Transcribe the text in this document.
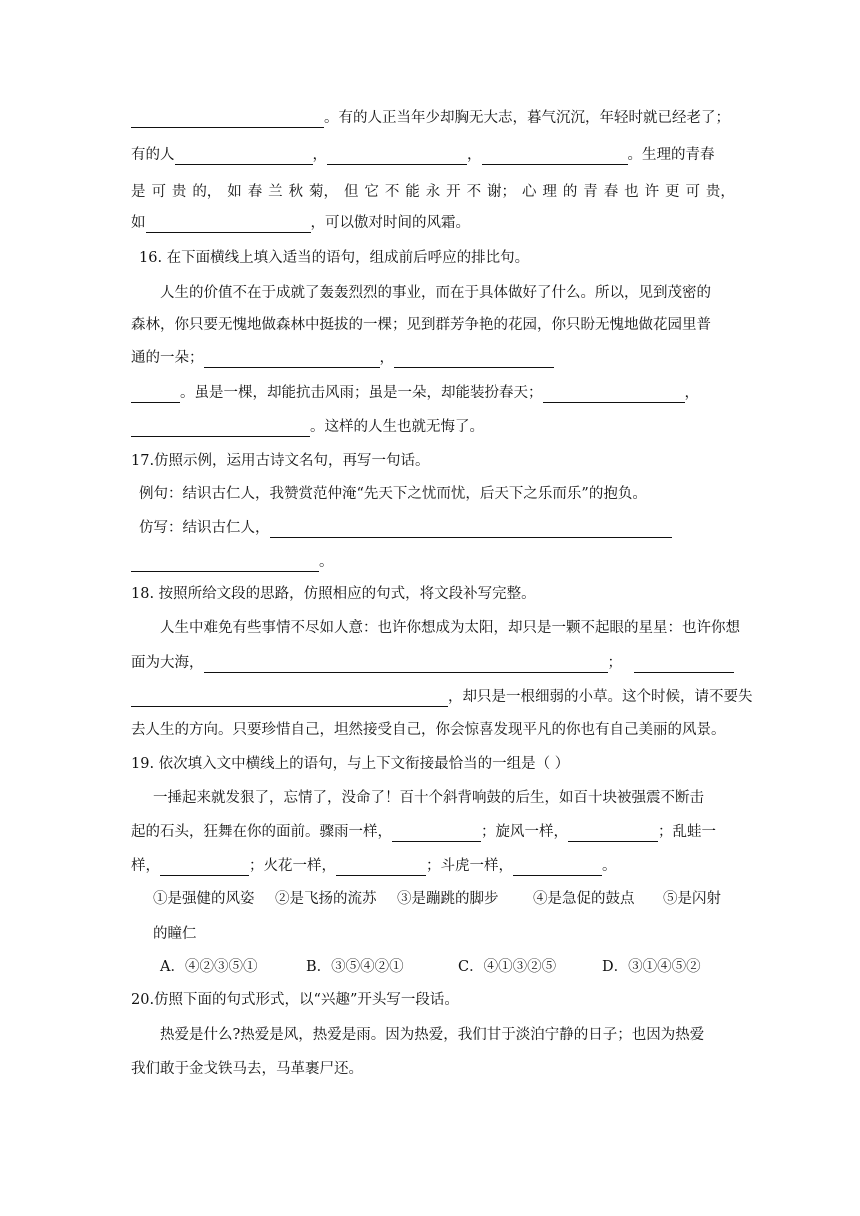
。有的人正当年少却胸无大志，暮气沉沉，年轻时就已经老了；
有的人	，	，	。生理的青春
是 可 贵 的， 如 春 兰 秋 菊， 但 它 不 能 永 开 不 谢； 心 理 的 青 春 也 许 更 可 贵，
如	，可以傲对时间的风霜。
16. 在下面横线上填入适当的语句，组成前后呼应的排比句。
人生的价值不在于成就了轰轰烈烈的事业，而在于具体做好了什么。所以，见到茂密的
森林，你只要无愧地做森林中挺拔的一棵；见到群芳争艳的花园，你只盼无愧地做花园里普
通的一朵；	，
。虽是一棵，却能抗击风雨；虽是一朵，却能装扮春天；	，
。这样的人生也就无悔了。
17.仿照示例，运用古诗文名句，再写一句话。
例句：结识古仁人，我赞赏范仲淹“先天下之忧而忧，后天下之乐而乐”的抱负。
仿写：结识古仁人，
。
18. 按照所给文段的思路，仿照相应的句式，将文段补写完整。
人生中难免有些事情不尽如人意：也许你想成为太阳，却只是一颗不起眼的星星：也许你想
面为大海，	；
，却只是一根细弱的小草。这个时候，请不要失
去人生的方向。只要珍惜自己，坦然接受自己，你会惊喜发现平凡的你也有自己美丽的风景。
19. 依次填入文中横线上的语句，与上下文衔接最恰当的一组是（ ）
一捶起来就发狠了，忘情了，没命了！百十个斜背响鼓的后生，如百十块被强震不断击
起的石头，狂舞在你的面前。骤雨一样，	；旋风一样，	；乱蛙一
样，	；火花一样，	；斗虎一样，	。
①是强健的风姿 ②是飞扬的流苏 ③是蹦跳的脚步 ④是急促的鼓点 ⑤是闪射
的瞳仁
A．④②③⑤①	B．③⑤④②①	C．④①③②⑤	D．③①④⑤②
20.仿照下面的句式形式，以“兴趣”开头写一段话。
热爱是什么?热爱是风，热爱是雨。因为热爱，我们甘于淡泊宁静的日子；也因为热爱
我们敢于金戈铁马去，马革裹尸还。
